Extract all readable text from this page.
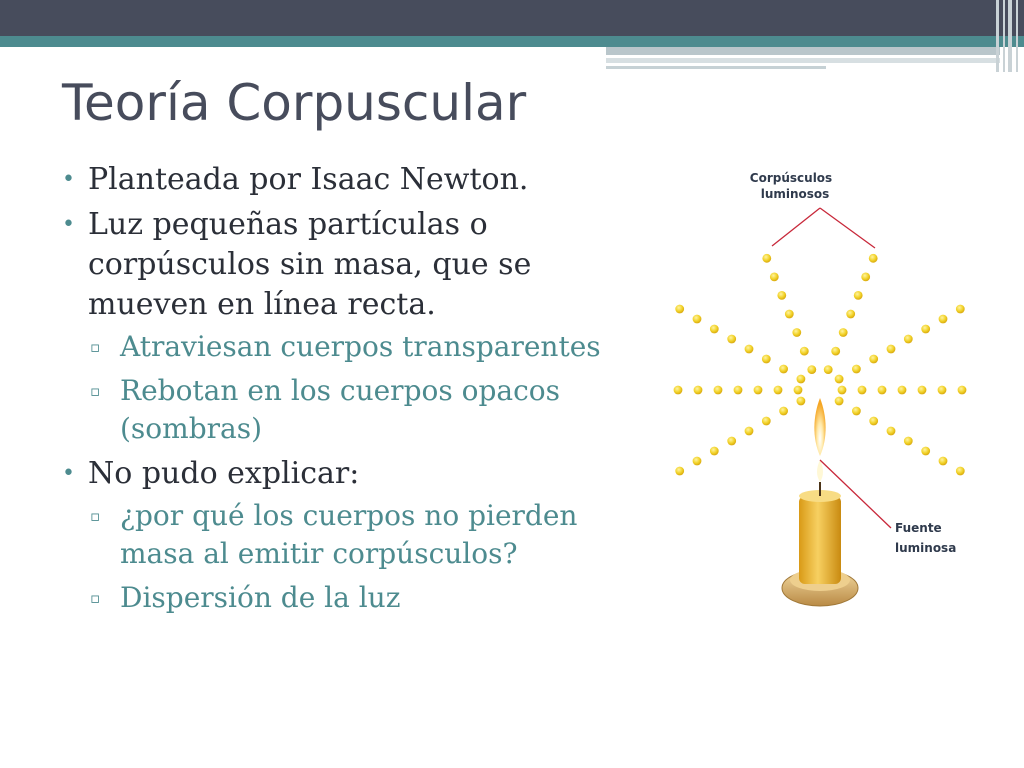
Teoría Corpuscular
• Planteada por Isaac Newton.
• Luz pequeñas partículas o corpúsculos sin masa, que se mueven en línea recta.
▫ Atraviesan cuerpos transparentes
▫ Rebotan en los cuerpos opacos (sombras)
• No pudo explicar:
▫ ¿por qué los cuerpos no pierden masa al emitir corpúsculos?
▫ Dispersión de la luz
Corpúsculos
luminosos
Fuente
luminosa
